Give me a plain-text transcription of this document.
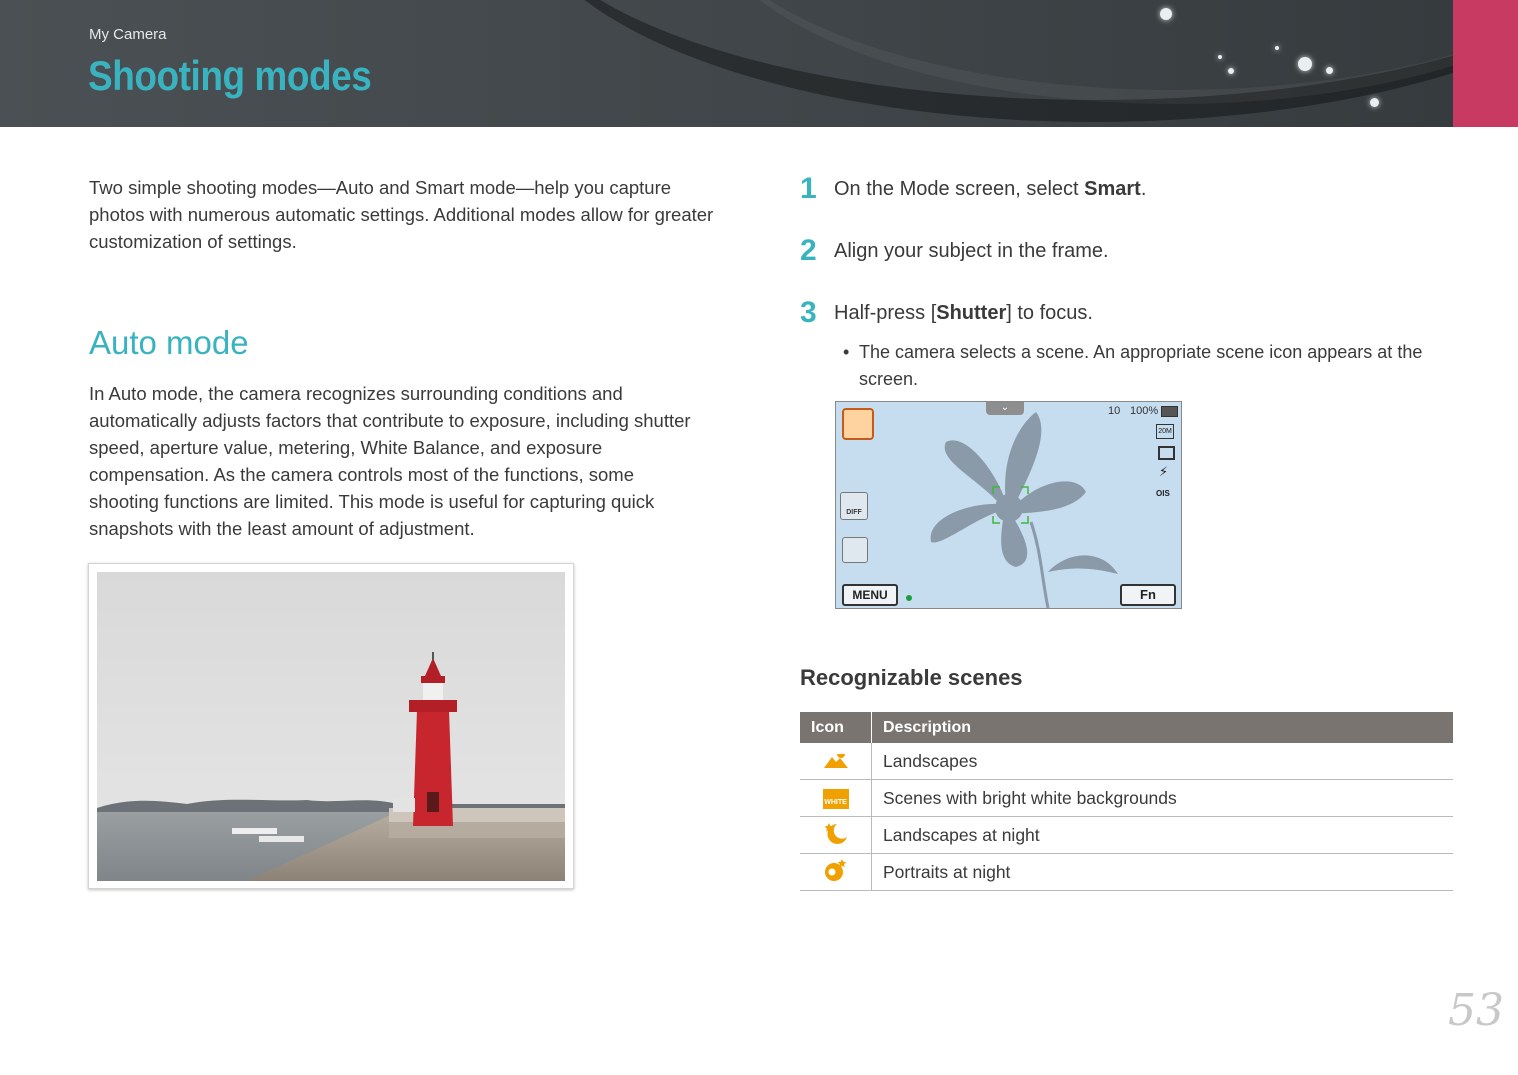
My Camera
Shooting modes

Two simple shooting modes—Auto and Smart mode—help you capture photos with numerous automatic settings. Additional modes allow for greater customization of settings.

Auto mode

In Auto mode, the camera recognizes surrounding conditions and automatically adjusts factors that contribute to exposure, including shutter speed, aperture value, metering, White Balance, and exposure compensation. As the camera controls most of the functions, some shooting functions are limited. This mode is useful for capturing quick snapshots with the least amount of adjustment.

1 On the Mode screen, select Smart.
2 Align your subject in the frame.
3 Half-press [Shutter] to focus.
• The camera selects a scene. An appropriate scene icon appears at the screen.
⌄	10 100%
20M
⚡
OIS
DIFF
MENU	Fn
Recognizable scenes
Icon	Description
	Landscapes
WHITE	Scenes with bright white backgrounds
	Landscapes at night
	Portraits at night
53
